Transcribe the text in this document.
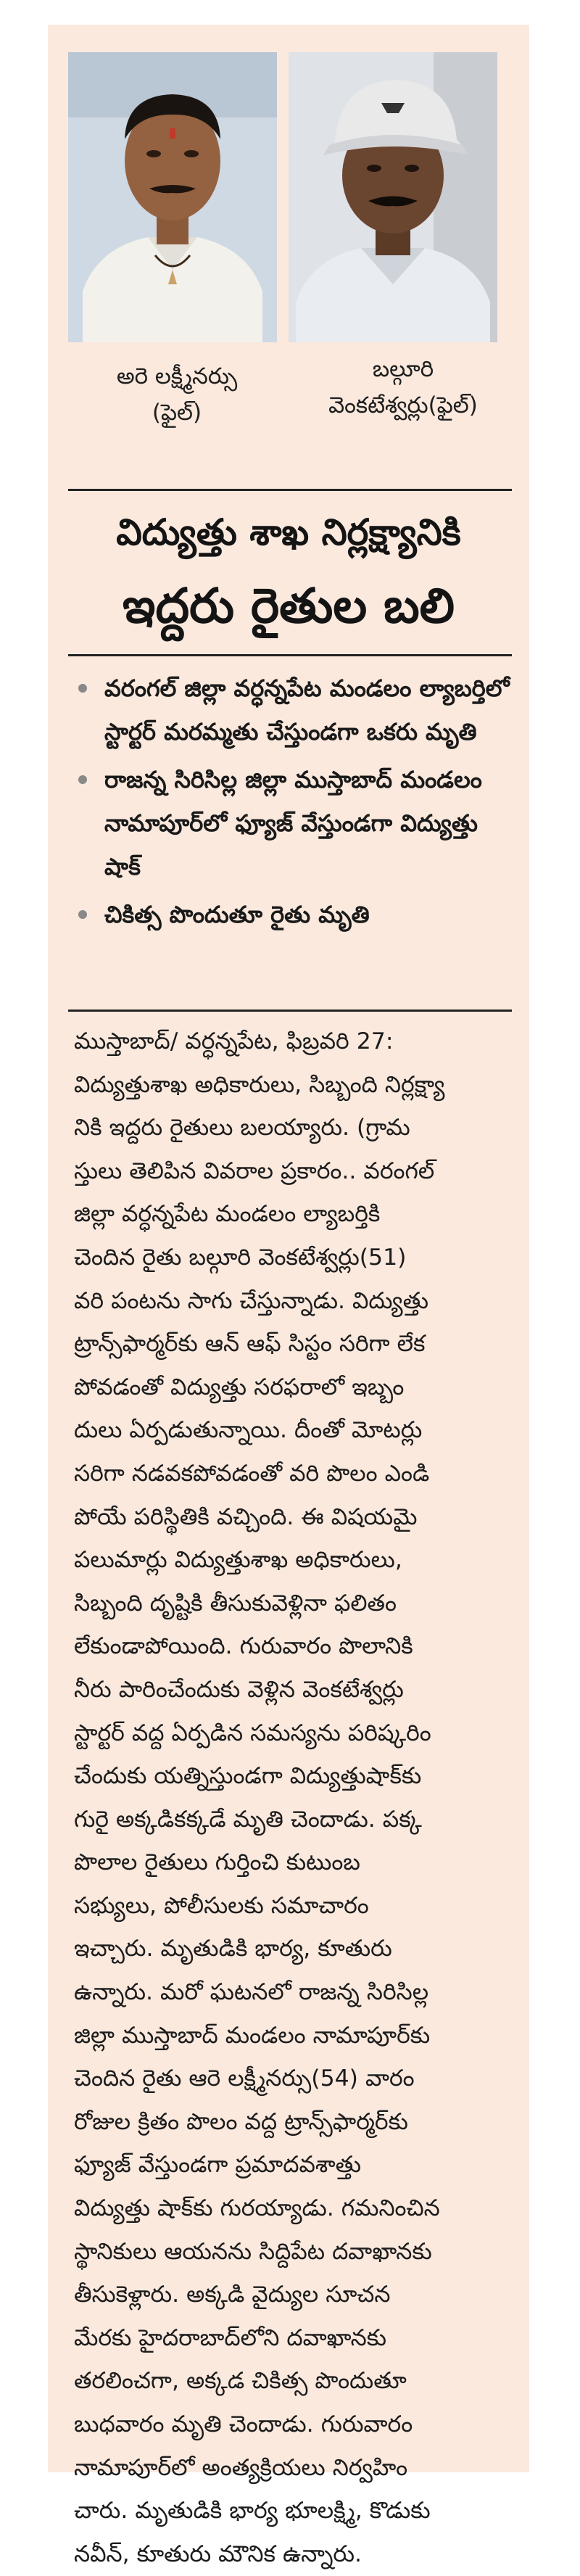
అరె లక్ష్మీనర్సు
(ఫైల్)
బల్గూరి
వెంకటేశ్వర్లు(ఫైల్)
విద్యుత్తు శాఖ నిర్లక్ష్యానికి
ఇద్దరు రైతుల బలి
వరంగల్ జిల్లా వర్ధన్నపేట మండలం ల్యాబర్తిలో స్టార్టర్ మరమ్మతు చేస్తుండగా ఒకరు మృతి
రాజన్న సిరిసిల్ల జిల్లా ముస్తాబాద్ మండలం నామాపూర్‌లో ఫ్యూజ్ వేస్తుండగా విద్యుత్తు షాక్
చికిత్స పొందుతూ రైతు మృతి
ముస్తాబాద్/ వర్ధన్నపేట, ఫిబ్రవరి 27:
విద్యుత్తుశాఖ అధికారులు, సిబ్బంది నిర్లక్ష్యా
నికి ఇద్దరు రైతులు బలయ్యారు. (గ్రామ
స్తులు తెలిపిన వివరాల ప్రకారం.. వరంగల్
జిల్లా వర్ధన్నపేట మండలం ల్యాబర్తికి
చెందిన రైతు బల్గూరి వెంకటేశ్వర్లు(51)
వరి పంటను సాగు చేస్తున్నాడు. విద్యుత్తు
ట్రాన్స్‌ఫార్మర్‌కు ఆన్ ఆఫ్ సిస్టం సరిగా లేక
పోవడంతో విద్యుత్తు సరఫరాలో ఇబ్బం
దులు ఏర్పడుతున్నాయి. దీంతో మోటర్లు
సరిగా నడవకపోవడంతో వరి పొలం ఎండి
పోయే పరిస్థితికి వచ్చింది. ఈ విషయమై
పలుమార్లు విద్యుత్తుశాఖ అధికారులు,
సిబ్బంది దృష్టికి తీసుకువెళ్లినా ఫలితం
లేకుండాపోయింది. గురువారం పొలానికి
నీరు పారించేందుకు వెళ్లిన వెంకటేశ్వర్లు
స్టార్టర్ వద్ద ఏర్పడిన సమస్యను పరిష్కరిం
చేందుకు యత్నిస్తుండగా విద్యుత్తుషాక్‌కు
గురై అక్కడికక్కడే మృతి చెందాడు. పక్క
పొలాల రైతులు గుర్తించి కుటుంబ
సభ్యులు, పోలీసులకు సమాచారం
ఇచ్చారు. మృతుడికి భార్య, కూతురు
ఉన్నారు. మరో ఘటనలో రాజన్న సిరిసిల్ల
జిల్లా ముస్తాబాద్ మండలం నామాపూర్‌కు
చెందిన రైతు ఆరె లక్ష్మీనర్సు(54) వారం
రోజుల క్రితం పొలం వద్ద ట్రాన్స్‌ఫార్మర్‌కు
ఫ్యూజ్ వేస్తుండగా ప్రమాదవశాత్తు
విద్యుత్తు షాక్‌కు గురయ్యాడు. గమనించిన
స్థానికులు ఆయనను సిద్దిపేట దవాఖానకు
తీసుకెళ్లారు. అక్కడి వైద్యుల సూచన
మేరకు హైదరాబాద్‌లోని దవాఖానకు
తరలించగా, అక్కడ చికిత్స పొందుతూ
బుధవారం మృతి చెందాడు. గురువారం
నామాపూర్‌లో అంత్యక్రియలు నిర్వహిం
చారు. మృతుడికి భార్య భూలక్ష్మి, కొడుకు
నవీన్, కూతురు మౌనిక ఉన్నారు.
